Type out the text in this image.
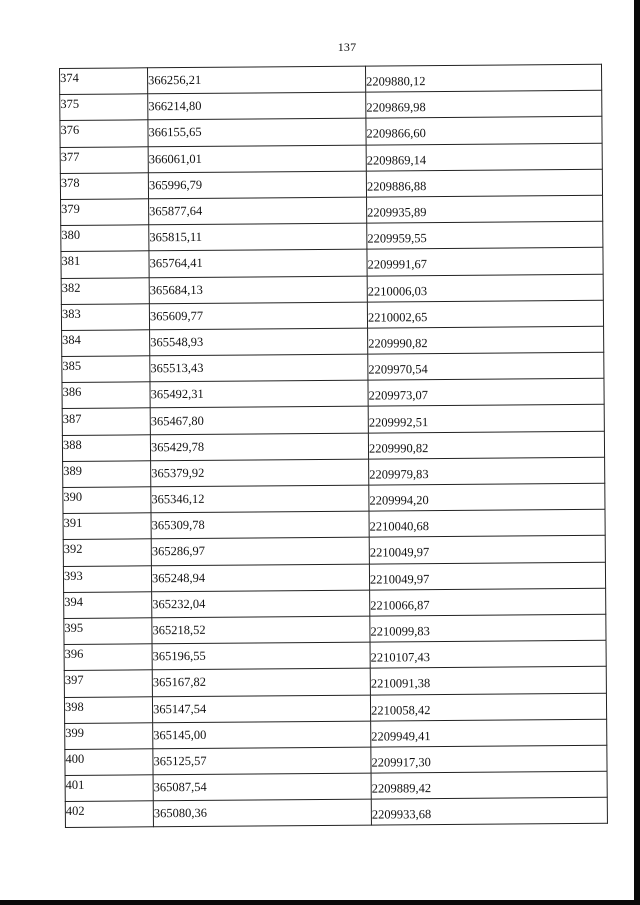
137
374	366256,21	2209880,12
375	366214,80	2209869,98
376	366155,65	2209866,60
377	366061,01	2209869,14
378	365996,79	2209886,88
379	365877,64	2209935,89
380	365815,11	2209959,55
381	365764,41	2209991,67
382	365684,13	2210006,03
383	365609,77	2210002,65
384	365548,93	2209990,82
385	365513,43	2209970,54
386	365492,31	2209973,07
387	365467,80	2209992,51
388	365429,78	2209990,82
389	365379,92	2209979,83
390	365346,12	2209994,20
391	365309,78	2210040,68
392	365286,97	2210049,97
393	365248,94	2210049,97
394	365232,04	2210066,87
395	365218,52	2210099,83
396	365196,55	2210107,43
397	365167,82	2210091,38
398	365147,54	2210058,42
399	365145,00	2209949,41
400	365125,57	2209917,30
401	365087,54	2209889,42
402	365080,36	2209933,68
